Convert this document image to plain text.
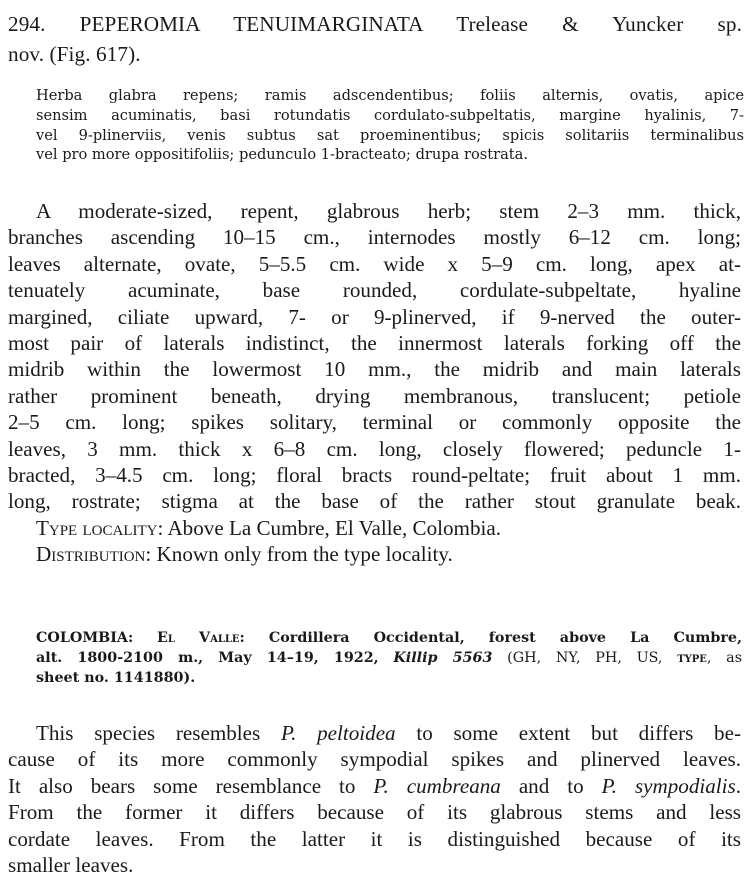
294. PEPEROMIA TENUIMARGINATA Trelease & Yuncker sp.
nov. (Fig. 617).
Herba glabra repens; ramis adscendentibus; foliis alternis, ovatis, apice
sensim acuminatis, basi rotundatis cordulato-subpeltatis, margine hyalinis, 7-
vel 9-plinerviis, venis subtus sat proeminentibus; spicis solitariis terminalibus
vel pro more oppositifoliis; pedunculo 1-bracteato; drupa rostrata.
A moderate-sized, repent, glabrous herb; stem 2–3 mm. thick,
branches ascending 10–15 cm., internodes mostly 6–12 cm. long;
leaves alternate, ovate, 5–5.5 cm. wide x 5–9 cm. long, apex at-
tenuately acuminate, base rounded, cordulate-subpeltate, hyaline
margined, ciliate upward, 7- or 9-plinerved, if 9-nerved the outer-
most pair of laterals indistinct, the innermost laterals forking off the
midrib within the lowermost 10 mm., the midrib and main laterals
rather prominent beneath, drying membranous, translucent; petiole
2–5 cm. long; spikes solitary, terminal or commonly opposite the
leaves, 3 mm. thick x 6–8 cm. long, closely flowered; peduncle 1-
bracted, 3–4.5 cm. long; floral bracts round-peltate; fruit about 1 mm.
long, rostrate; stigma at the base of the rather stout granulate beak.
Type locality: Above La Cumbre, El Valle, Colombia.
Distribution: Known only from the type locality.
COLOMBIA: El Valle: Cordillera Occidental, forest above La Cumbre,
alt. 1800-2100 m., May 14–19, 1922, Killip 5563 (GH, NY, PH, US, type, as
sheet no. 1141880).
This species resembles P. peltoidea to some extent but differs be-
cause of its more commonly sympodial spikes and plinerved leaves.
It also bears some resemblance to P. cumbreana and to P. sympodialis.
From the former it differs because of its glabrous stems and less
cordate leaves. From the latter it is distinguished because of its
smaller leaves.
